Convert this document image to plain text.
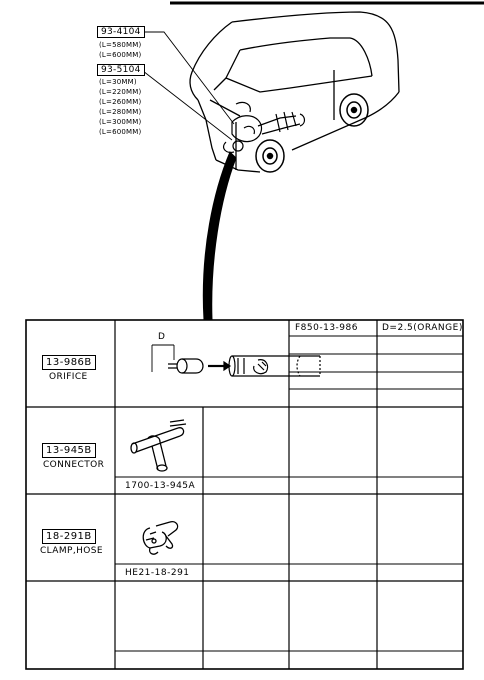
93-4104
(L=580MM)
(L=600MM)
93-5104
(L=30MM)
(L=220MM)
(L=260MM)
(L=280MM)
(L=300MM)
(L=600MM)
F850-13-986	D=2.5(ORANGE)
D
13-986B
ORIFICE
13-945B
CONNECTOR
1700-13-945A
18-291B
CLAMP,HOSE
HE21-18-291
